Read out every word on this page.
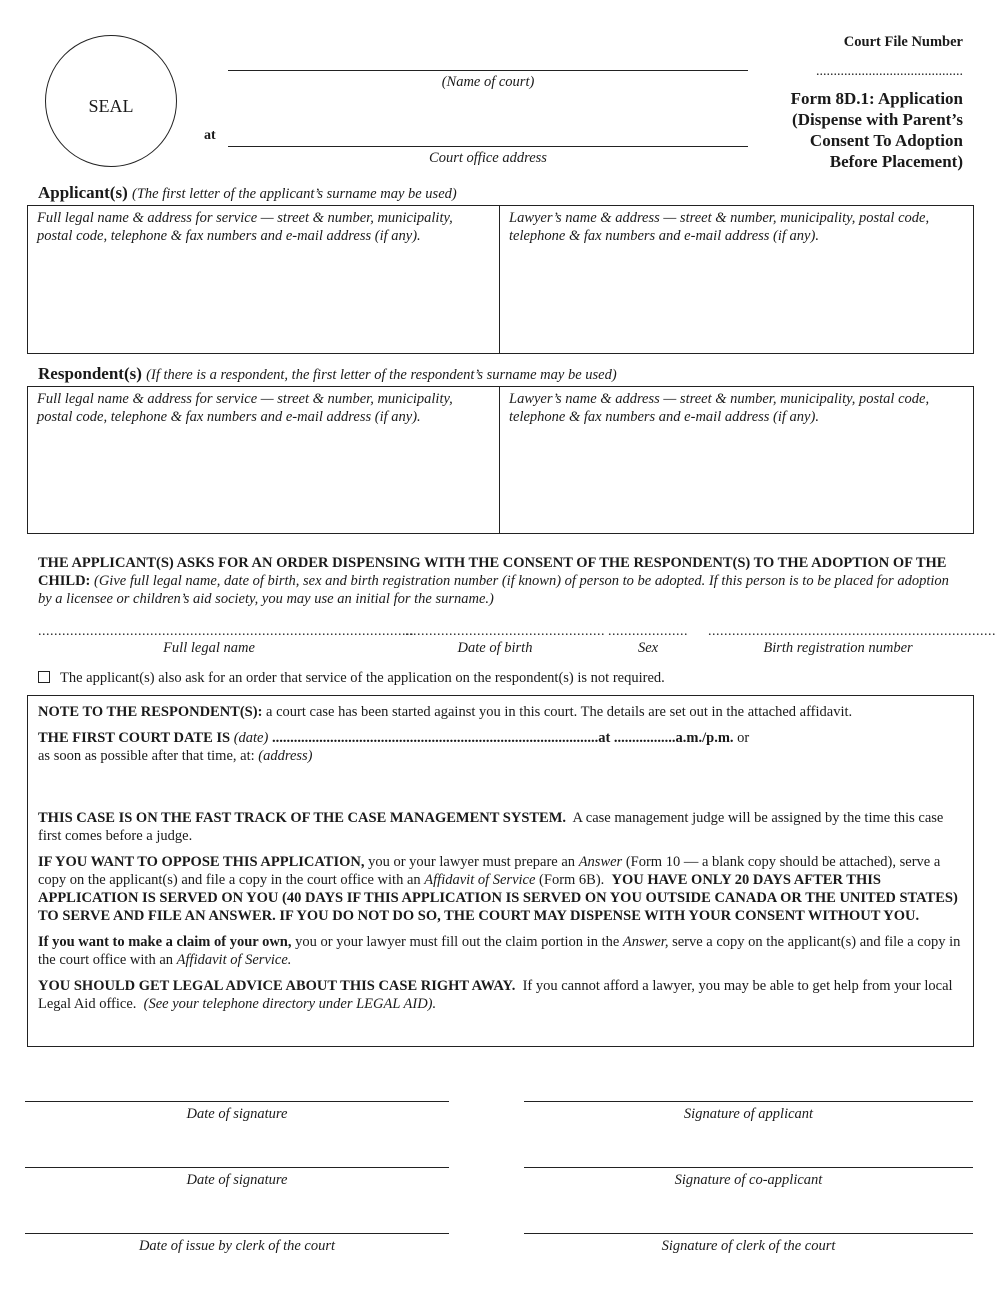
SEAL
(Name of court)
at
Court office address
Court File Number
..........................................
Form 8D.1: Application
(Dispense with Parent’s
Consent To Adoption
Before Placement)
Applicant(s) (The first letter of the applicant’s surname may be used)
Full legal name & address for service — street & number, municipality, postal code, telephone & fax numbers and e-mail address (if any).
Lawyer’s name & address — street & number, municipality, postal code, telephone & fax numbers and e-mail address (if any).
Respondent(s) (If there is a respondent, the first letter of the respondent’s surname may be used)
Full legal name & address for service — street & number, municipality, postal code, telephone & fax numbers and e-mail address (if any).
Lawyer’s name & address — street & number, municipality, postal code, telephone & fax numbers and e-mail address (if any).
THE APPLICANT(S) ASKS FOR AN ORDER DISPENSING WITH THE CONSENT OF THE RESPONDENT(S) TO THE ADOPTION OF THE CHILD: (Give full legal name, date of birth, sex and birth registration number (if known) of person to be adopted. If this person is to be placed for adoption by a licensee or children’s aid society, you may use an initial for the surname.)
..............................................................................................
Full legal name
..................................................
Date of birth
....................
Sex
........................................................................
Birth registration number
The applicant(s) also ask for an order that service of the application on the respondent(s) is not required.

NOTE TO THE RESPONDENT(S): a court case has been started against you in this court. The details are set out in the attached affidavit.

THE FIRST COURT DATE IS (date) ..........................................................................................at .................a.m./p.m. or

as soon as possible after that time, at: (address)

THIS CASE IS ON THE FAST TRACK OF THE CASE MANAGEMENT SYSTEM. A case management judge will be assigned by the time this case first comes before a judge.

IF YOU WANT TO OPPOSE THIS APPLICATION, you or your lawyer must prepare an Answer (Form 10 — a blank copy should be attached), serve a copy on the applicant(s) and file a copy in the court office with an Affidavit of Service (Form 6B). YOU HAVE ONLY 20 DAYS AFTER THIS APPLICATION IS SERVED ON YOU (40 DAYS IF THIS APPLICATION IS SERVED ON YOU OUTSIDE CANADA OR THE UNITED STATES) TO SERVE AND FILE AN ANSWER. IF YOU DO NOT DO SO, THE COURT MAY DISPENSE WITH YOUR CONSENT WITHOUT YOU.

If you want to make a claim of your own, you or your lawyer must fill out the claim portion in the Answer, serve a copy on the applicant(s) and file a copy in the court office with an Affidavit of Service.

YOU SHOULD GET LEGAL ADVICE ABOUT THIS CASE RIGHT AWAY. If you cannot afford a lawyer, you may be able to get help from your local Legal Aid office. (See your telephone directory under LEGAL AID).

Date of signature	Signature of applicant
Date of signature	Signature of co-applicant
Date of issue by clerk of the court	Signature of clerk of the court
